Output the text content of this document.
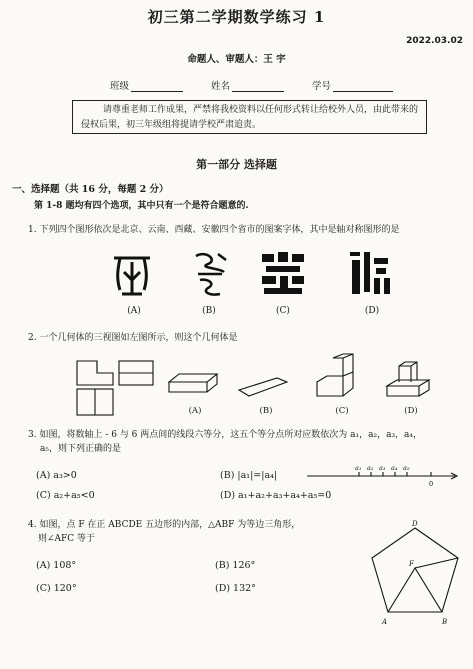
初三第二学期数学练习 1
2022.03.02
命题人、审题人：王 宇
班级	姓名	学号
请尊重老师工作成果，严禁将我校资料以任何形式转让给校外人员，由此带来的侵权后果，初三年级组将提请学校严肃追责。
第一部分 选择题
一、选择题（共 16 分，每题 2 分）
第 1-8 题均有四个选项，其中只有一个是符合题意的.
1. 下列四个图形依次是北京、云南、西藏、安徽四个省市的图案字体，其中是轴对称图形的是
(A)	(B)	(C)	(D)
2. 一个几何体的三视图如左图所示，则这个几何体是
(A)	(B)	(C)	(D)
3. 如图，将数轴上 - 6 与 6 两点间的线段六等分，这五个等分点所对应数依次为 a₁，a₂，a₃，a₄，
a₅，则下列正确的是
(A) a₃>0	(B) |a₁|=|a₄|
(C) a₂+a₅<0	(D) a₁+a₂+a₃+a₄+a₅=0
a₁ a₂ a₃ a₄ a₅
0
4. 如图，点 F 在正 ABCDE 五边形的内部，△ABF 为等边三角形，
则∠AFC 等于
(A) 108°	(B) 126°
(C) 120°	(D) 132°
D
F
A	B
